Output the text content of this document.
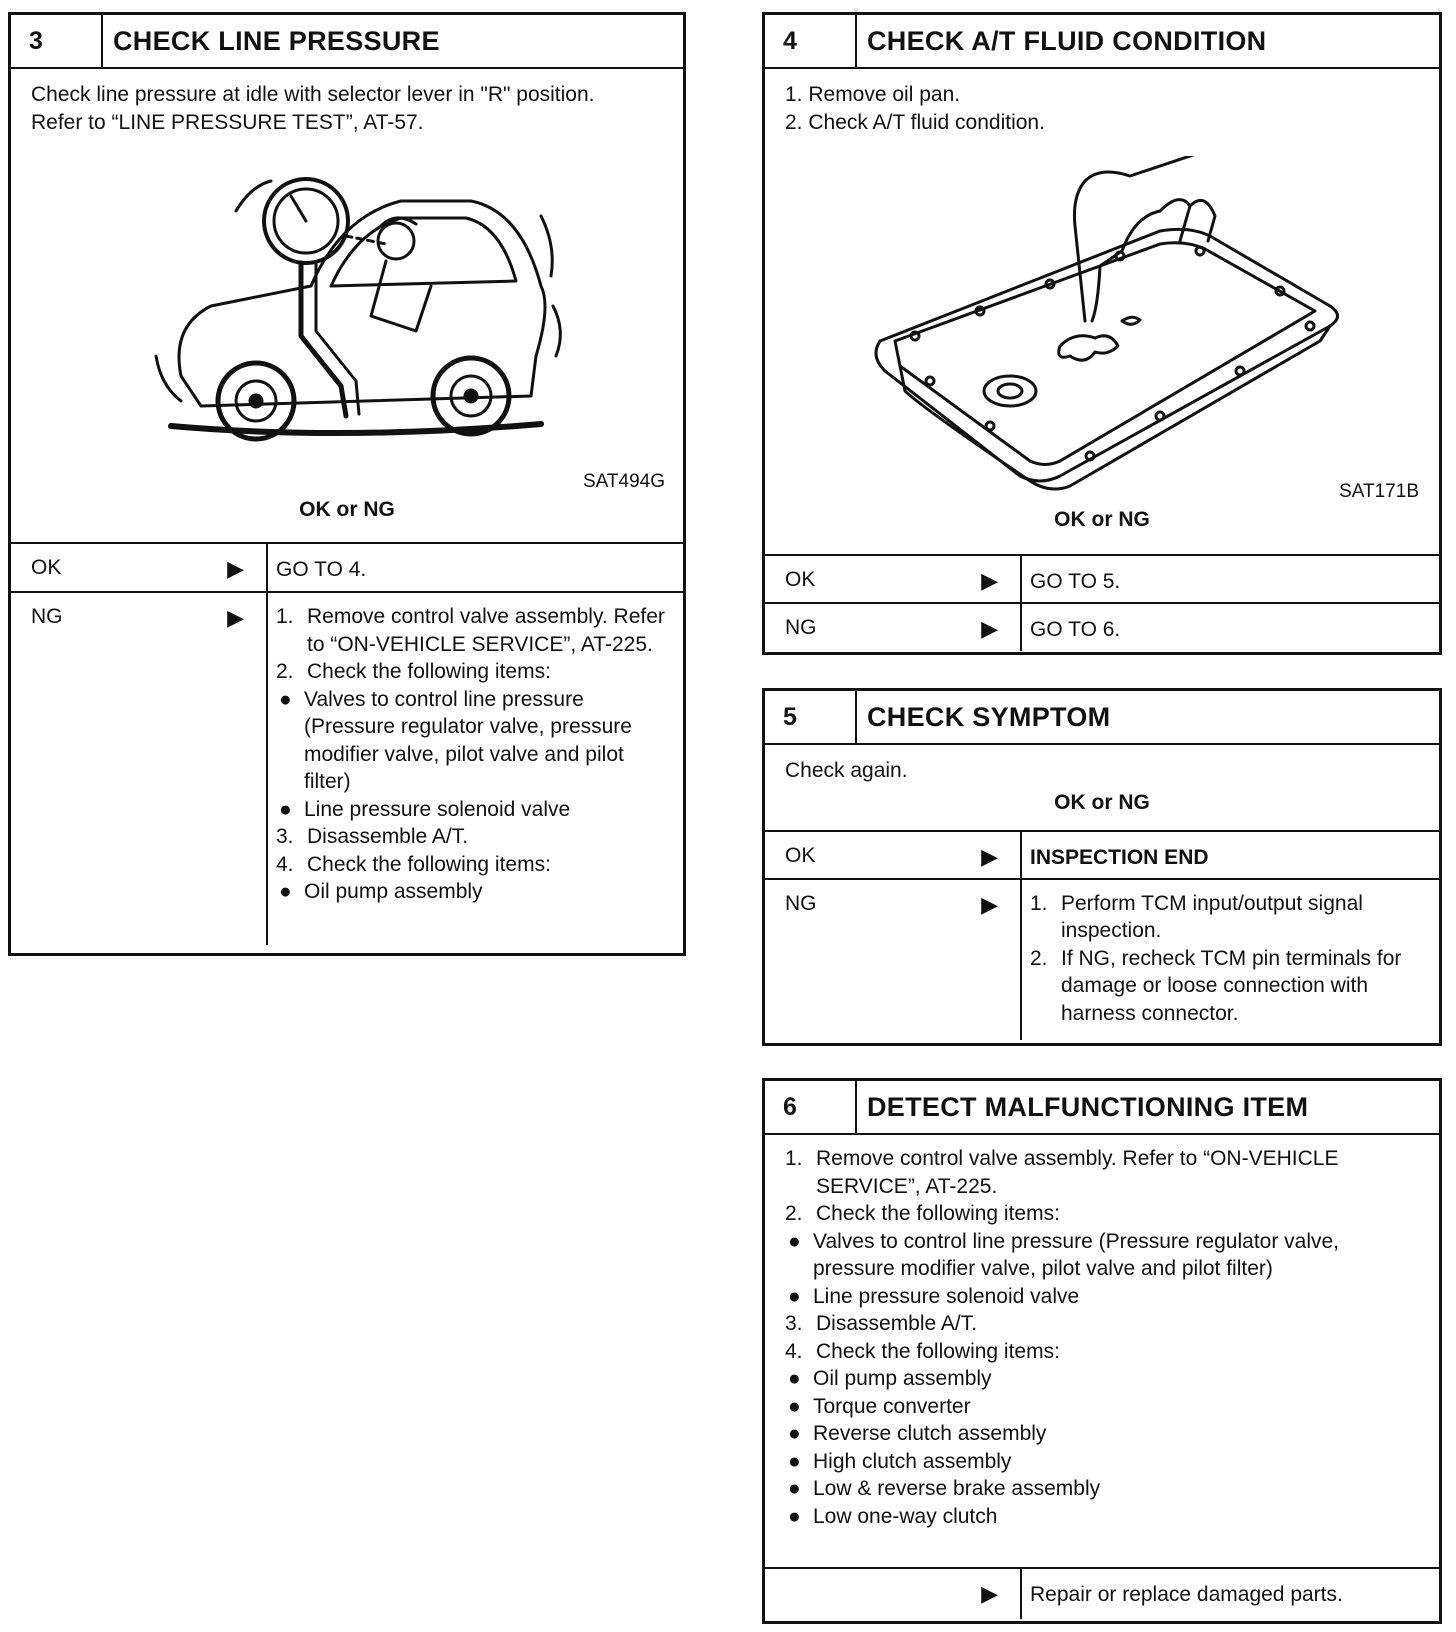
3	CHECK LINE PRESSURE
Check line pressure at idle with selector lever in "R" position.
Refer to “LINE PRESSURE TEST”, AT-57.
SAT494G
OK or NG
OK	▶	GO TO 4.
NG	▶ 1. Remove control valve assembly. Refer to “ON-VEHICLE SERVICE”, AT-225.
2. Check the following items:
● Valves to control line pressure (Pressure regulator valve, pressure modifier valve, pilot valve and pilot filter)
● Line pressure solenoid valve
3. Disassemble A/T.
4. Check the following items:
● Oil pump assembly
4	CHECK A/T FLUID CONDITION
1. Remove oil pan.
2. Check A/T fluid condition.
SAT171B
OK or NG
OK	▶	GO TO 5.
NG	▶	GO TO 6.
5	CHECK SYMPTOM
Check again.
OK or NG
OK	▶	INSPECTION END
NG	▶ 1. Perform TCM input/output signal inspection.
2. If NG, recheck TCM pin terminals for damage or loose connection with harness connector.
6	DETECT MALFUNCTIONING ITEM
1. Remove control valve assembly. Refer to “ON-VEHICLE SERVICE”, AT-225.
2. Check the following items:
● Valves to control line pressure (Pressure regulator valve, pressure modifier valve, pilot valve and pilot filter)
● Line pressure solenoid valve
3. Disassemble A/T.
4. Check the following items:
● Oil pump assembly
● Torque converter
● Reverse clutch assembly
● High clutch assembly
● Low & reverse brake assembly
● Low one-way clutch
▶	Repair or replace damaged parts.
